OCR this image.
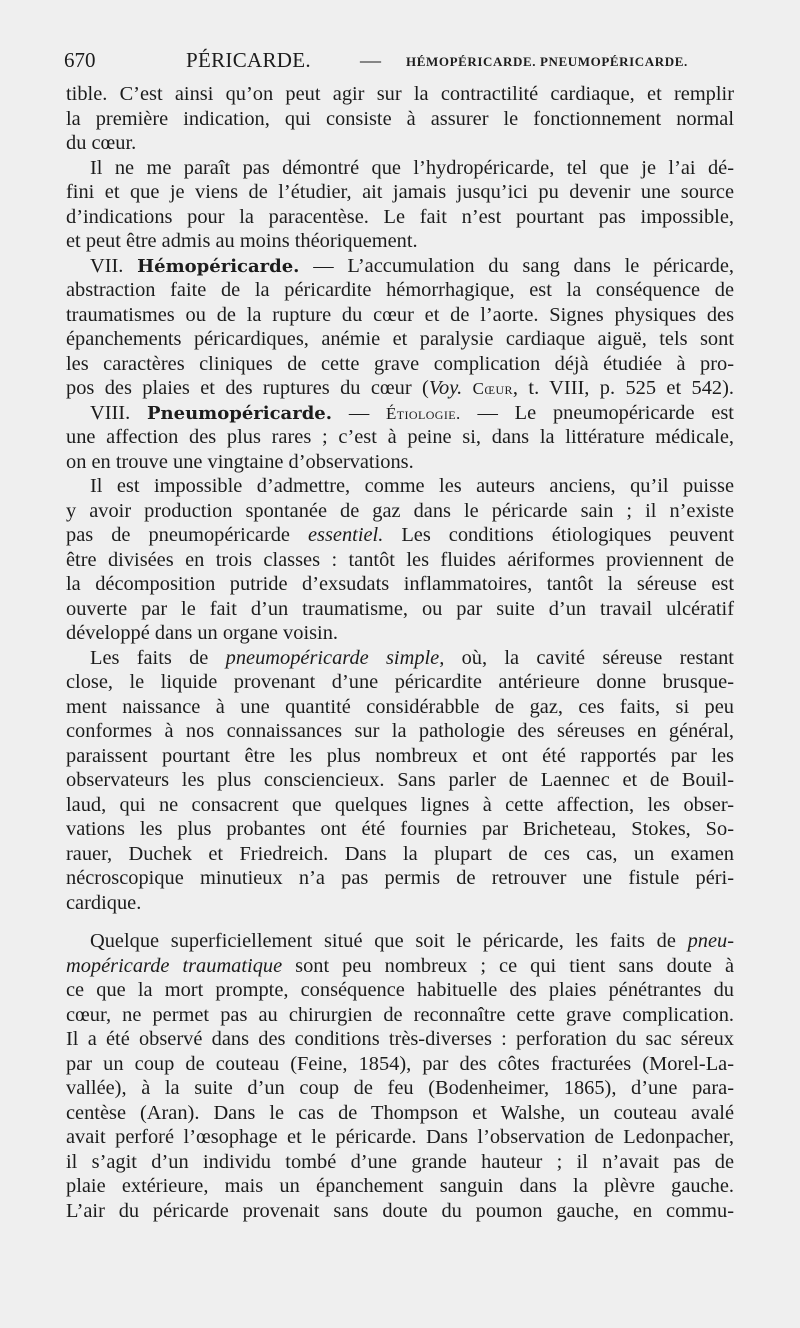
670	PÉRICARDE. — HÉMOPÉRICARDE. PNEUMOPÉRICARDE.
tible. C’est ainsi qu’on peut agir sur la contractilité cardiaque, et remplir
la première indication, qui consiste à assurer le fonctionnement normal
du cœur.
Il ne me paraît pas démontré que l’hydropéricarde, tel que je l’ai dé-
fini et que je viens de l’étudier, ait jamais jusqu’ici pu devenir une source
d’indications pour la paracentèse. Le fait n’est pourtant pas impossible,
et peut être admis au moins théoriquement.
VII. Hémopéricarde. — L’accumulation du sang dans le péricarde,
abstraction faite de la péricardite hémorrhagique, est la conséquence de
traumatismes ou de la rupture du cœur et de l’aorte. Signes physiques des
épanchements péricardiques, anémie et paralysie cardiaque aiguë, tels sont
les caractères cliniques de cette grave complication déjà étudiée à pro-
pos des plaies et des ruptures du cœur (Voy. Cœur, t. VIII, p. 525 et 542).
VIII. Pneumopéricarde. — Étiologie. — Le pneumopéricarde est
une affection des plus rares ; c’est à peine si, dans la littérature médicale,
on en trouve une vingtaine d’observations.
Il est impossible d’admettre, comme les auteurs anciens, qu’il puisse
y avoir production spontanée de gaz dans le péricarde sain ; il n’existe
pas de pneumopéricarde essentiel. Les conditions étiologiques peuvent
être divisées en trois classes : tantôt les fluides aériformes proviennent de
la décomposition putride d’exsudats inflammatoires, tantôt la séreuse est
ouverte par le fait d’un traumatisme, ou par suite d’un travail ulcératif
développé dans un organe voisin.
Les faits de pneumopéricarde simple, où, la cavité séreuse restant
close, le liquide provenant d’une péricardite antérieure donne brusque-
ment naissance à une quantité considérabble de gaz, ces faits, si peu
conformes à nos connaissances sur la pathologie des séreuses en général,
paraissent pourtant être les plus nombreux et ont été rapportés par les
observateurs les plus consciencieux. Sans parler de Laennec et de Bouil-
laud, qui ne consacrent que quelques lignes à cette affection, les obser-
vations les plus probantes ont été fournies par Bricheteau, Stokes, So-
rauer, Duchek et Friedreich. Dans la plupart de ces cas, un examen
nécroscopique minutieux n’a pas permis de retrouver une fistule péri-
cardique.
Quelque superficiellement situé que soit le péricarde, les faits de pneu-
mopéricarde traumatique sont peu nombreux ; ce qui tient sans doute à
ce que la mort prompte, conséquence habituelle des plaies pénétrantes du
cœur, ne permet pas au chirurgien de reconnaître cette grave complication.
Il a été observé dans des conditions très-diverses : perforation du sac séreux
par un coup de couteau (Feine, 1854), par des côtes fracturées (Morel-La-
vallée), à la suite d’un coup de feu (Bodenheimer, 1865), d’une para-
centèse (Aran). Dans le cas de Thompson et Walshe, un couteau avalé
avait perforé l’œsophage et le péricarde. Dans l’observation de Ledonpacher,
il s’agit d’un individu tombé d’une grande hauteur ; il n’avait pas de
plaie extérieure, mais un épanchement sanguin dans la plèvre gauche.
L’air du péricarde provenait sans doute du poumon gauche, en commu-
